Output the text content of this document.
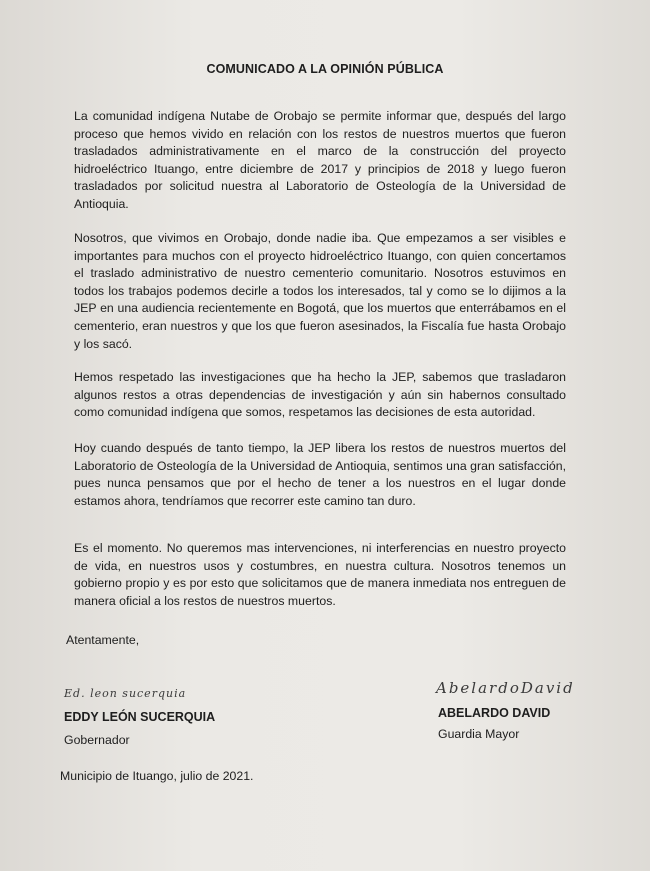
COMUNICADO A LA OPINIÓN PÚBLICA

La comunidad indígena Nutabe de Orobajo se permite informar que, después del largo proceso que hemos vivido en relación con los restos de nuestros muertos que fueron trasladados administrativamente en el marco de la construcción del proyecto hidroeléctrico Ituango, entre diciembre de 2017 y principios de 2018 y luego fueron trasladados por solicitud nuestra al Laboratorio de Osteología de la Universidad de Antioquia.

Nosotros, que vivimos en Orobajo, donde nadie iba. Que empezamos a ser visibles e importantes para muchos con el proyecto hidroeléctrico Ituango, con quien concertamos el traslado administrativo de nuestro cementerio comunitario. Nosotros estuvimos en todos los trabajos podemos decirle a todos los interesados, tal y como se lo dijimos a la JEP en una audiencia recientemente en Bogotá, que los muertos que enterrábamos en el cementerio, eran nuestros y que los que fueron asesinados, la Fiscalía fue hasta Orobajo y los sacó.

Hemos respetado las investigaciones que ha hecho la JEP, sabemos que trasladaron algunos restos a otras dependencias de investigación y aún sin habernos consultado como comunidad indígena que somos, respetamos las decisiones de esta autoridad.

Hoy cuando después de tanto tiempo, la JEP libera los restos de nuestros muertos del Laboratorio de Osteología de la Universidad de Antioquia, sentimos una gran satisfacción, pues nunca pensamos que por el hecho de tener a los nuestros en el lugar donde estamos ahora, tendríamos que recorrer este camino tan duro.

Es el momento. No queremos mas intervenciones, ni interferencias en nuestro proyecto de vida, en nuestros usos y costumbres, en nuestra cultura. Nosotros tenemos un gobierno propio y es por esto que solicitamos que de manera inmediata nos entreguen de manera oficial a los restos de nuestros muertos.

Atentamente,
Ed. leon sucerquia
EDDY LEÓN SUCERQUIA
Gobernador
AbelardoDavid
ABELARDO DAVID
Guardia Mayor
Municipio de Ituango, julio de 2021.
